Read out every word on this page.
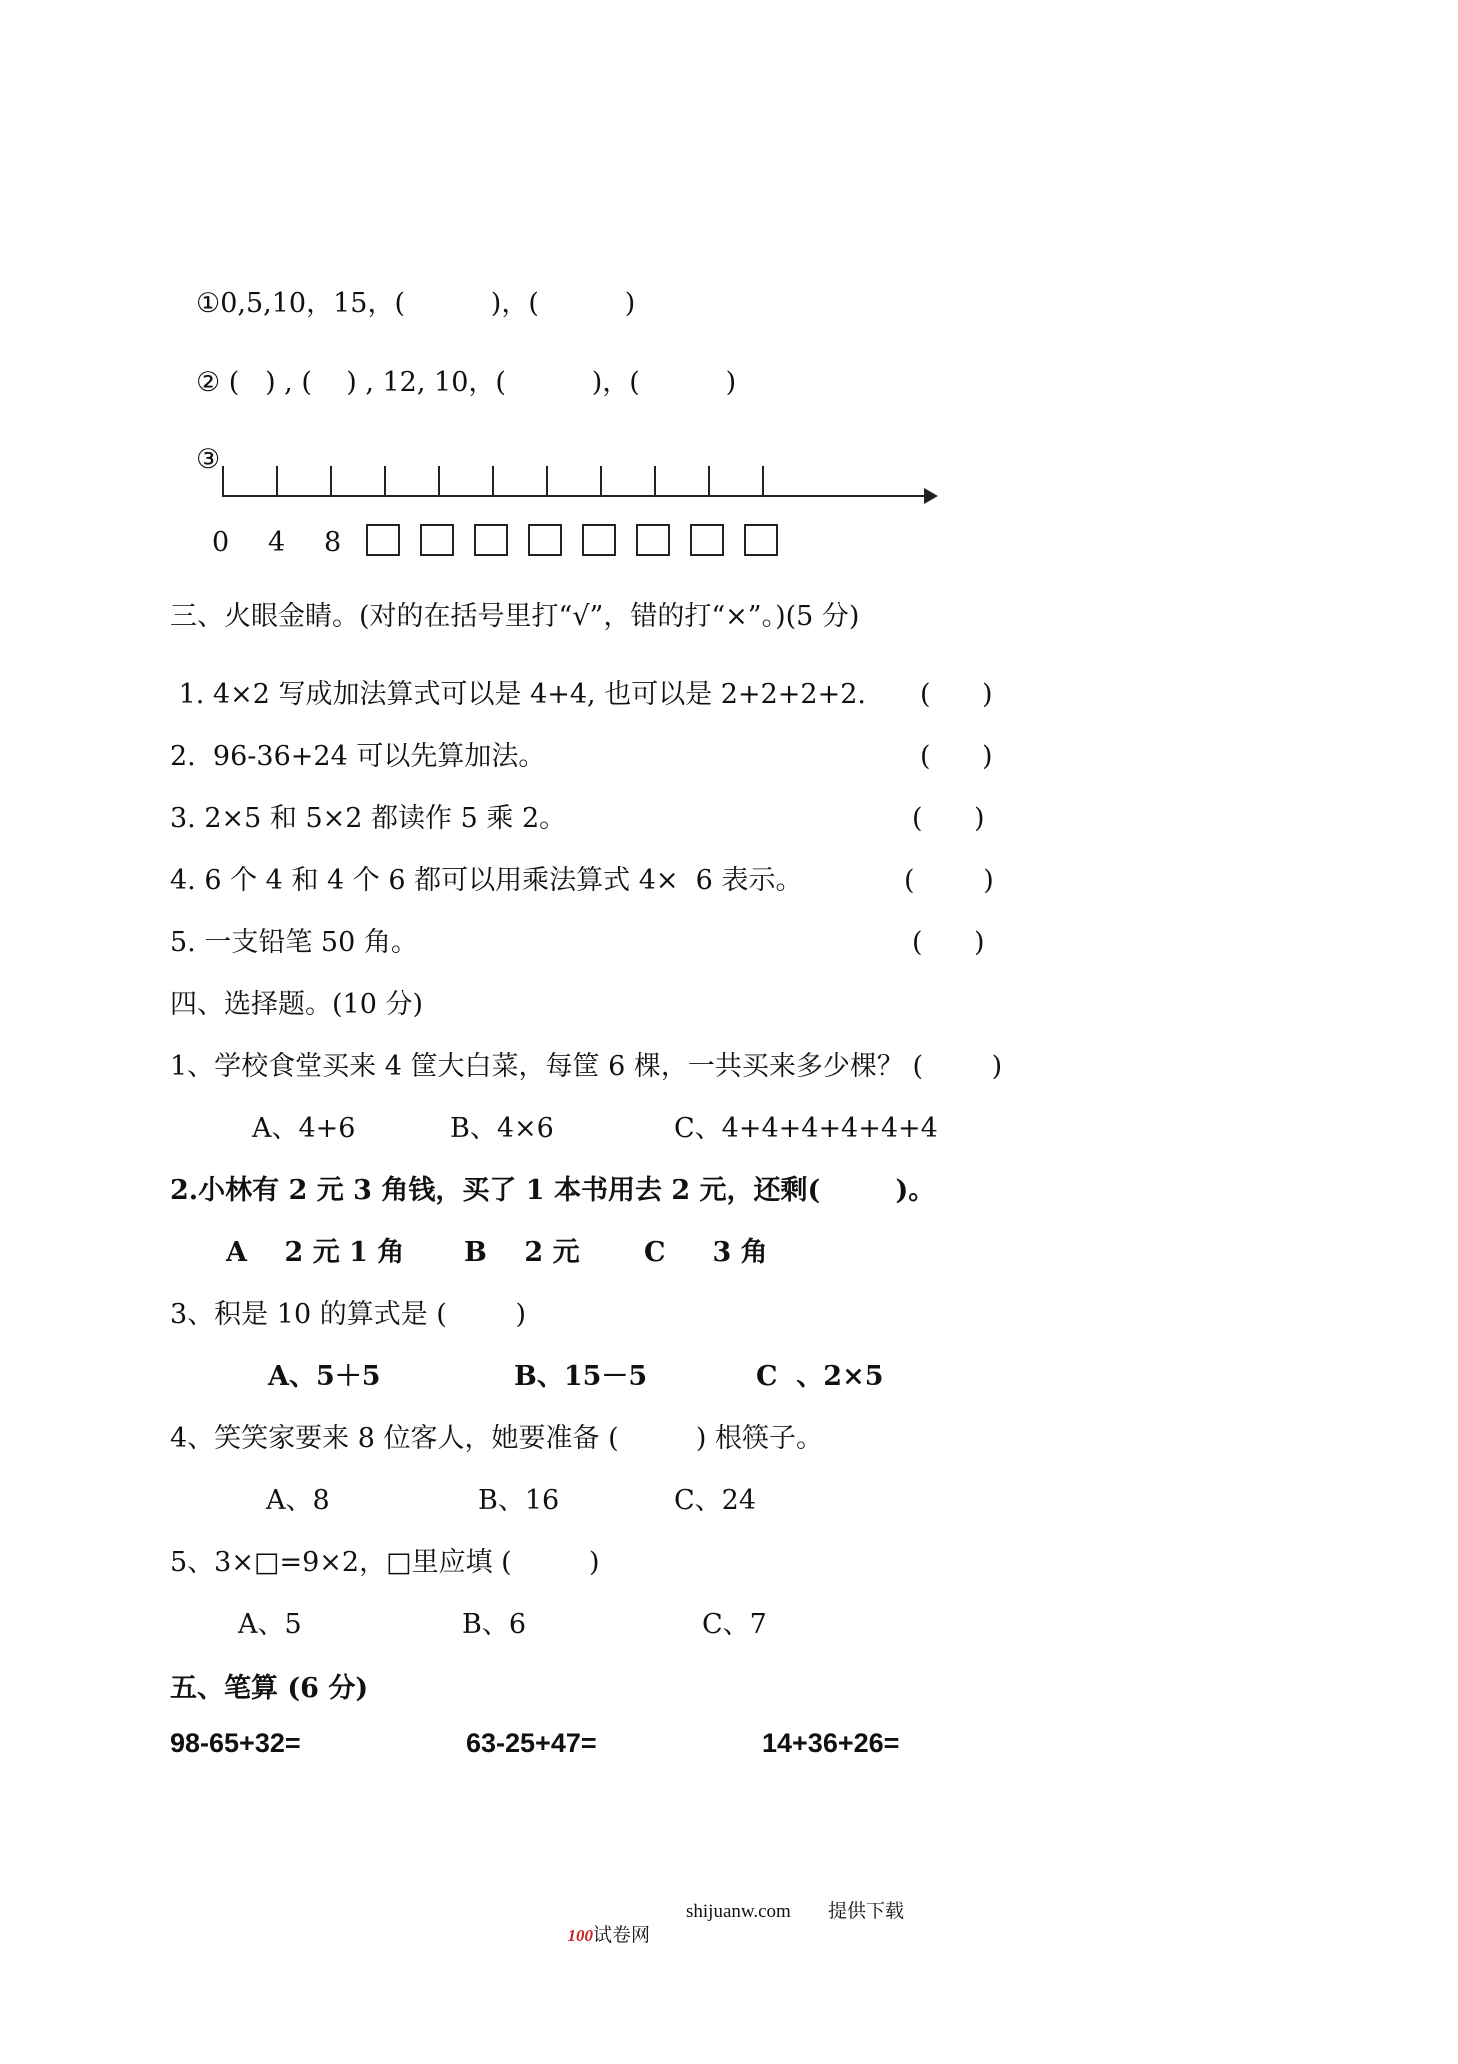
①0,5,10，15，(          )，(          )
② (   ) , (    ) , 12, 10，(          )，(          )
③
0 4 8
三、火眼金睛。(对的在括号里打“√”，错的打“×”。)(5 分)
1. 4×2 写成加法算式可以是 4+4, 也可以是 2+2+2+2. (      )
2.  96-36+24 可以先算加法。	(      )
3. 2×5 和 5×2 都读作 5 乘 2。	(      )
4. 6 个 4 和 4 个 6 都可以用乘法算式 4×  6 表示。	(        )
5. 一支铅笔 50 角。	(      )
四、选择题。(10 分)
1、学校食堂买来 4 筐大白菜，每筐 6 棵，一共买来多少棵？ (        )
A、4+6	B、4×6	C、4+4+4+4+4+4
2.小林有 2 元 3 角钱，买了 1 本书用去 2 元，还剩(        )。
A    2 元 1 角 B    2 元 C     3 角
3、积是 10 的算式是 (        )
A、5＋5	B、15－5	C  、2×5
4、笑笑家要来 8 位客人，她要准备 (         ) 根筷子。
A、8	B、16	C、24
5、3×□=9×2，□里应填 (         )
A、5	B、6	C、7
五、笔算 (6 分)
98-65+32=	63-25+47=	14+36+26=

100试卷网

shijuanw.com 提供下载
